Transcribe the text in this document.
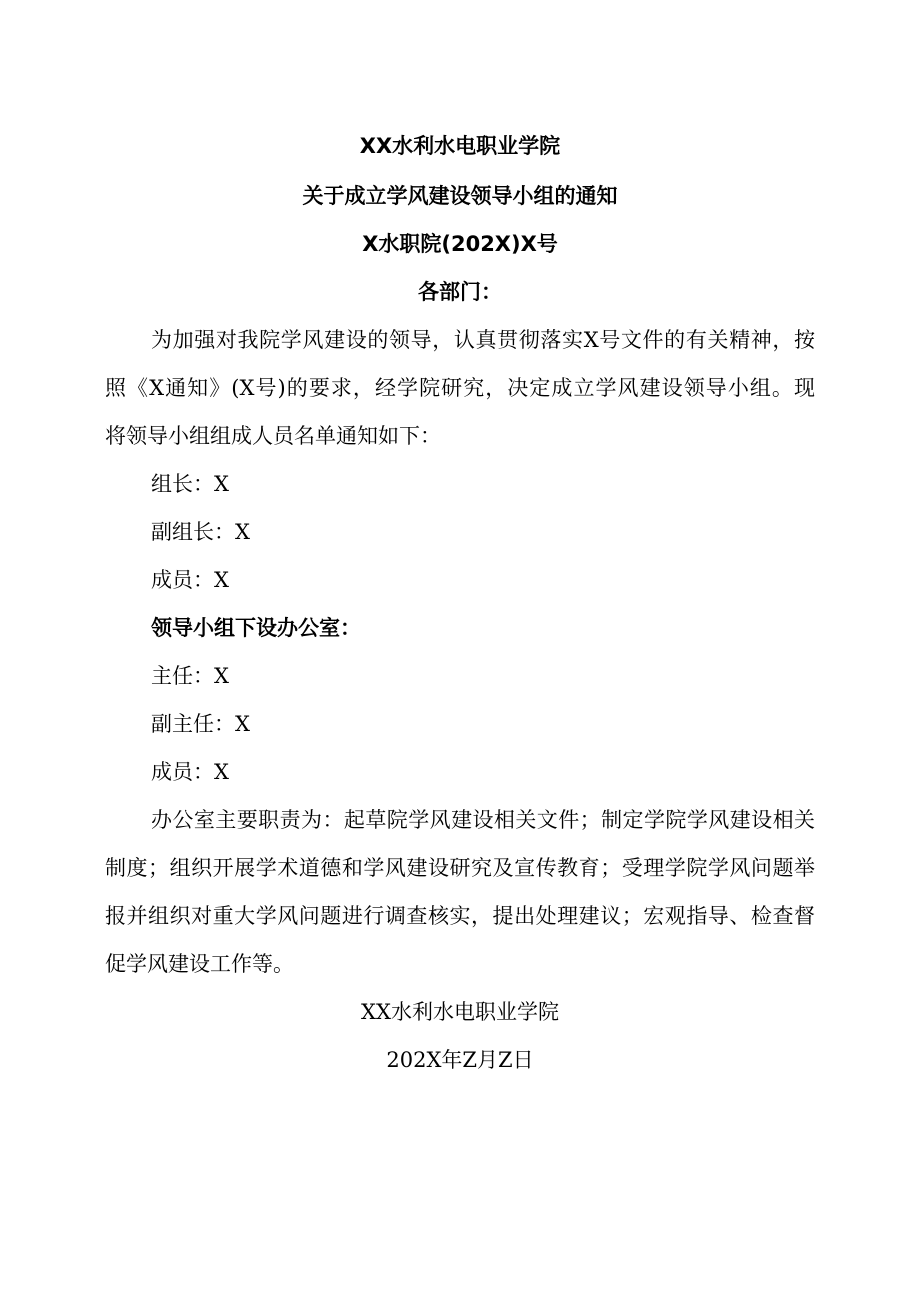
XX水利水电职业学院
关于成立学风建设领导小组的通知
X水职院(202X)X号
各部门：
为加强对我院学风建设的领导，认真贯彻落实X号文件的有关精神，按
照《X通知》(X号)的要求，经学院研究，决定成立学风建设领导小组。现
将领导小组组成人员名单通知如下：
组长：X
副组长：X
成员：X
领导小组下设办公室：
主任：X
副主任：X
成员：X
办公室主要职责为：起草院学风建设相关文件；制定学院学风建设相关
制度；组织开展学术道德和学风建设研究及宣传教育；受理学院学风问题举
报并组织对重大学风问题进行调查核实，提出处理建议；宏观指导、检查督
促学风建设工作等。
XX水利水电职业学院
202X年Z月Z日
